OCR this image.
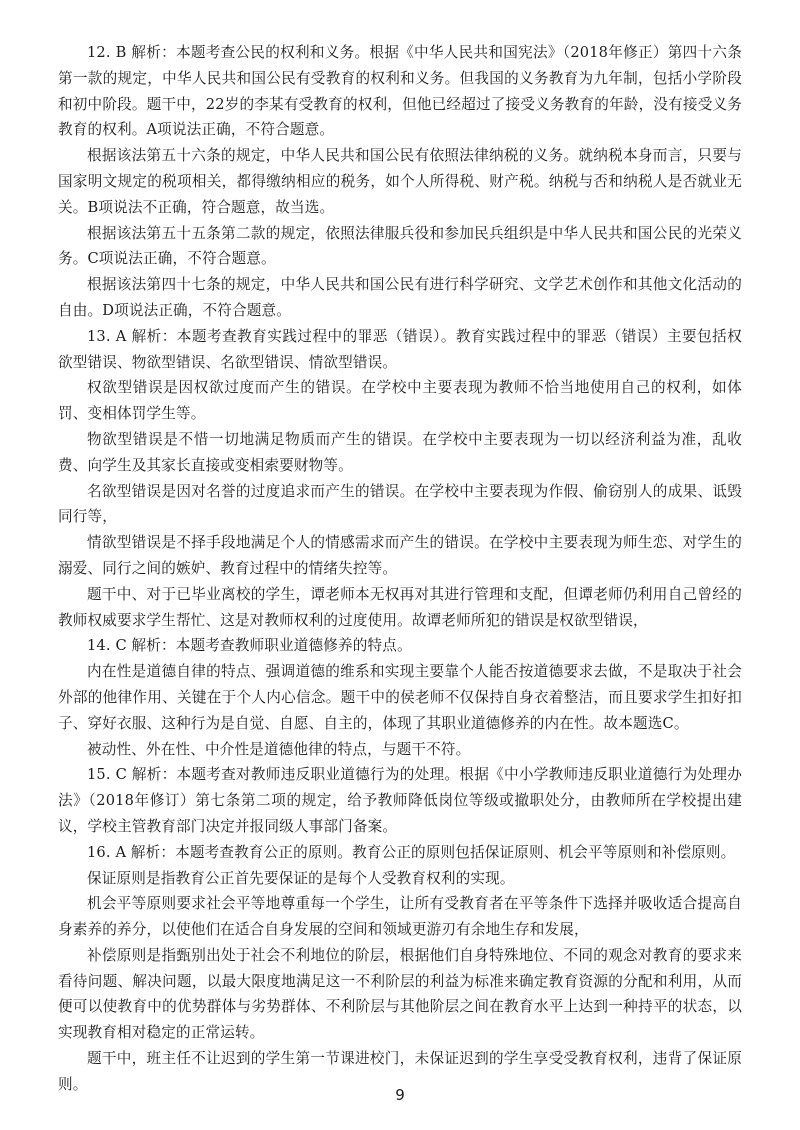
12. B 解析：本题考查公民的权利和义务。根据《中华人民共和国宪法》（2018年修正）第四十六条第一款的规定，中华人民共和国公民有受教育的权利和义务。但我国的义务教育为九年制，包括小学阶段和初中阶段。题干中，22岁的李某有受教育的权利，但他已经超过了接受义务教育的年龄，没有接受义务教育的权利。A项说法正确，不符合题意。

根据该法第五十六条的规定，中华人民共和国公民有依照法律纳税的义务。就纳税本身而言，只要与国家明文规定的税项相关，都得缴纳相应的税务，如个人所得税、财产税。纳税与否和纳税人是否就业无关。B项说法不正确，符合题意，故当选。

根据该法第五十五条第二款的规定，依照法律服兵役和参加民兵组织是中华人民共和国公民的光荣义务。C项说法正确，不符合题意。

根据该法第四十七条的规定，中华人民共和国公民有进行科学研究、文学艺术创作和其他文化活动的自由。D项说法正确，不符合题意。

13. A 解析：本题考查教育实践过程中的罪恶（错误）。教育实践过程中的罪恶（错误）主要包括权欲型错误、物欲型错误、名欲型错误、情欲型错误。

权欲型错误是因权欲过度而产生的错误。在学校中主要表现为教师不恰当地使用自己的权利，如体罚、变相体罚学生等。

物欲型错误是不惜一切地满足物质而产生的错误。在学校中主要表现为一切以经济利益为准，乱收费、向学生及其家长直接或变相索要财物等。

名欲型错误是因对名誉的过度追求而产生的错误。在学校中主要表现为作假、偷窃别人的成果、诋毁同行等，

情欲型错误是不择手段地满足个人的情感需求而产生的错误。在学校中主要表现为师生恋、对学生的溺爱、同行之间的嫉妒、教育过程中的情绪失控等。

题干中、对于已毕业离校的学生，谭老师本无权再对其进行管理和支配，但谭老师仍利用自己曾经的教师权威要求学生帮忙、这是对教师权利的过度使用。故谭老师所犯的错误是权欲型错误，

14. C 解析：本题考查教师职业道德修养的特点。

内在性是道德自律的特点、强调道德的维系和实现主要靠个人能否按道德要求去做，不是取决于社会外部的他律作用、关键在于个人内心信念。题干中的侯老师不仅保持自身衣着整洁，而且要求学生扣好扣子、穿好衣服、这种行为是自觉、自愿、自主的，体现了其职业道德修养的内在性。故本题选C。

被动性、外在性、中介性是道德他律的特点，与题干不符。

15. C 解析：本题考查对教师违反职业道德行为的处理。根据《中小学教师违反职业道德行为处理办法》（2018年修订）第七条第二项的规定，给予教师降低岗位等级或撤职处分，由教师所在学校提出建议，学校主管教育部门决定并报同级人事部门备案。

16. A 解析：本题考查教育公正的原则。教育公正的原则包括保证原则、机会平等原则和补偿原则。

保证原则是指教育公正首先要保证的是每个人受教育权利的实现。

机会平等原则要求社会平等地尊重每一个学生，让所有受教育者在平等条件下选择并吸收适合提高自身素养的养分，以使他们在适合自身发展的空间和领域更游刃有余地生存和发展，

补偿原则是指甄别出处于社会不利地位的阶层，根据他们自身特殊地位、不同的观念对教育的要求来看待问题、解决问题，以最大限度地满足这一不利阶层的利益为标准来确定教育资源的分配和利用，从而便可以使教育中的优势群体与劣势群体、不利阶层与其他阶层之间在教育水平上达到一种持平的状态，以实现教育相对稳定的正常运转。

题干中，班主任不让迟到的学生第一节课进校门，未保证迟到的学生享受受教育权利，违背了保证原则。

9
